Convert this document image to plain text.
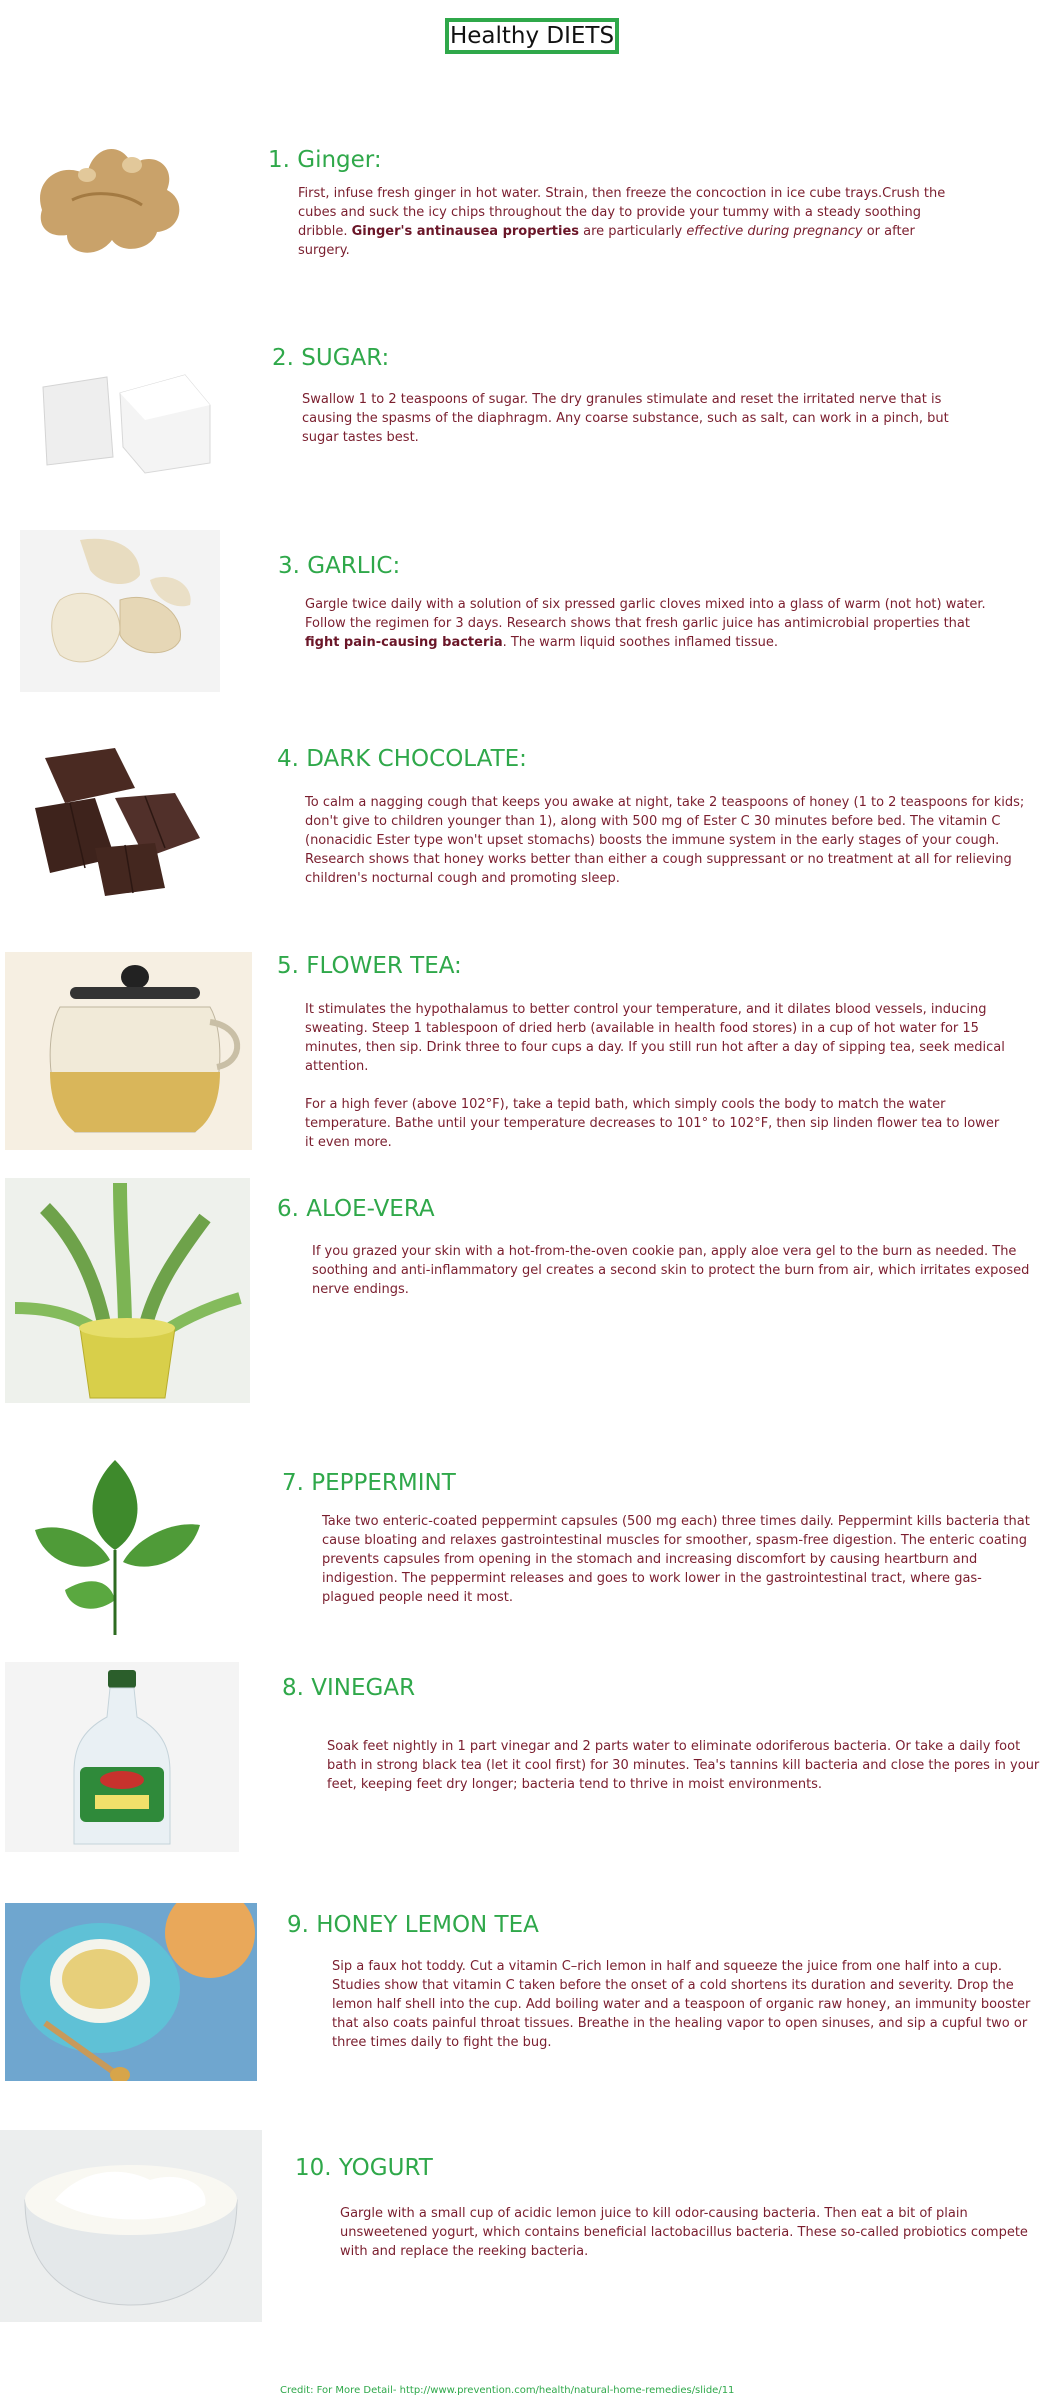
Healthy DIETS
1. Ginger:
First, infuse fresh ginger in hot water. Strain, then freeze the concoction in ice cube trays.Crush the cubes and suck the icy chips throughout the day to provide your tummy with a steady soothing dribble. Ginger's antinausea properties are particularly effective during pregnancy or after surgery.
2. SUGAR:
Swallow 1 to 2 teaspoons of sugar. The dry granules stimulate and reset the irritated nerve that is causing the spasms of the diaphragm. Any coarse substance, such as salt, can work in a pinch, but sugar tastes best.
3. GARLIC:
Gargle twice daily with a solution of six pressed garlic cloves mixed into a glass of warm (not hot) water. Follow the regimen for 3 days. Research shows that fresh garlic juice has antimicrobial properties that fight pain-causing bacteria. The warm liquid soothes inflamed tissue.
4. DARK CHOCOLATE:
To calm a nagging cough that keeps you awake at night, take 2 teaspoons of honey (1 to 2 teaspoons for kids; don't give to children younger than 1), along with 500 mg of Ester C 30 minutes before bed. The vitamin C (nonacidic Ester type won't upset stomachs) boosts the immune system in the early stages of your cough. Research shows that honey works better than either a cough suppressant or no treatment at all for relieving children's nocturnal cough and promoting sleep.
5. FLOWER TEA:
It stimulates the hypothalamus to better control your temperature, and it dilates blood vessels, inducing sweating. Steep 1 tablespoon of dried herb (available in health food stores) in a cup of hot water for 15 minutes, then sip. Drink three to four cups a day. If you still run hot after a day of sipping tea, seek medical attention.
For a high fever (above 102°F), take a tepid bath, which simply cools the body to match the water temperature. Bathe until your temperature decreases to 101° to 102°F, then sip linden flower tea to lower it even more.
6. ALOE-VERA
If you grazed your skin with a hot-from-the-oven cookie pan, apply aloe vera gel to the burn as needed. The soothing and anti-inflammatory gel creates a second skin to protect the burn from air, which irritates exposed nerve endings.
7. PEPPERMINT
Take two enteric-coated peppermint capsules (500 mg each) three times daily. Peppermint kills bacteria that cause bloating and relaxes gastrointestinal muscles for smoother, spasm-free digestion. The enteric coating prevents capsules from opening in the stomach and increasing discomfort by causing heartburn and indigestion. The peppermint releases and goes to work lower in the gastrointestinal tract, where gas-plagued people need it most.
8. VINEGAR
Soak feet nightly in 1 part vinegar and 2 parts water to eliminate odoriferous bacteria. Or take a daily foot bath in strong black tea (let it cool first) for 30 minutes. Tea's tannins kill bacteria and close the pores in your feet, keeping feet dry longer; bacteria tend to thrive in moist environments.
9. HONEY LEMON TEA
Sip a faux hot toddy. Cut a vitamin C–rich lemon in half and squeeze the juice from one half into a cup. Studies show that vitamin C taken before the onset of a cold shortens its duration and severity. Drop the lemon half shell into the cup. Add boiling water and a teaspoon of organic raw honey, an immunity booster that also coats painful throat tissues. Breathe in the healing vapor to open sinuses, and sip a cupful two or three times daily to fight the bug.
10. YOGURT
Gargle with a small cup of acidic lemon juice to kill odor-causing bacteria. Then eat a bit of plain unsweetened yogurt, which contains beneficial lactobacillus bacteria. These so-called probiotics compete with and replace the reeking bacteria.
Credit: For More Detail- http://www.prevention.com/health/natural-home-remedies/slide/11
